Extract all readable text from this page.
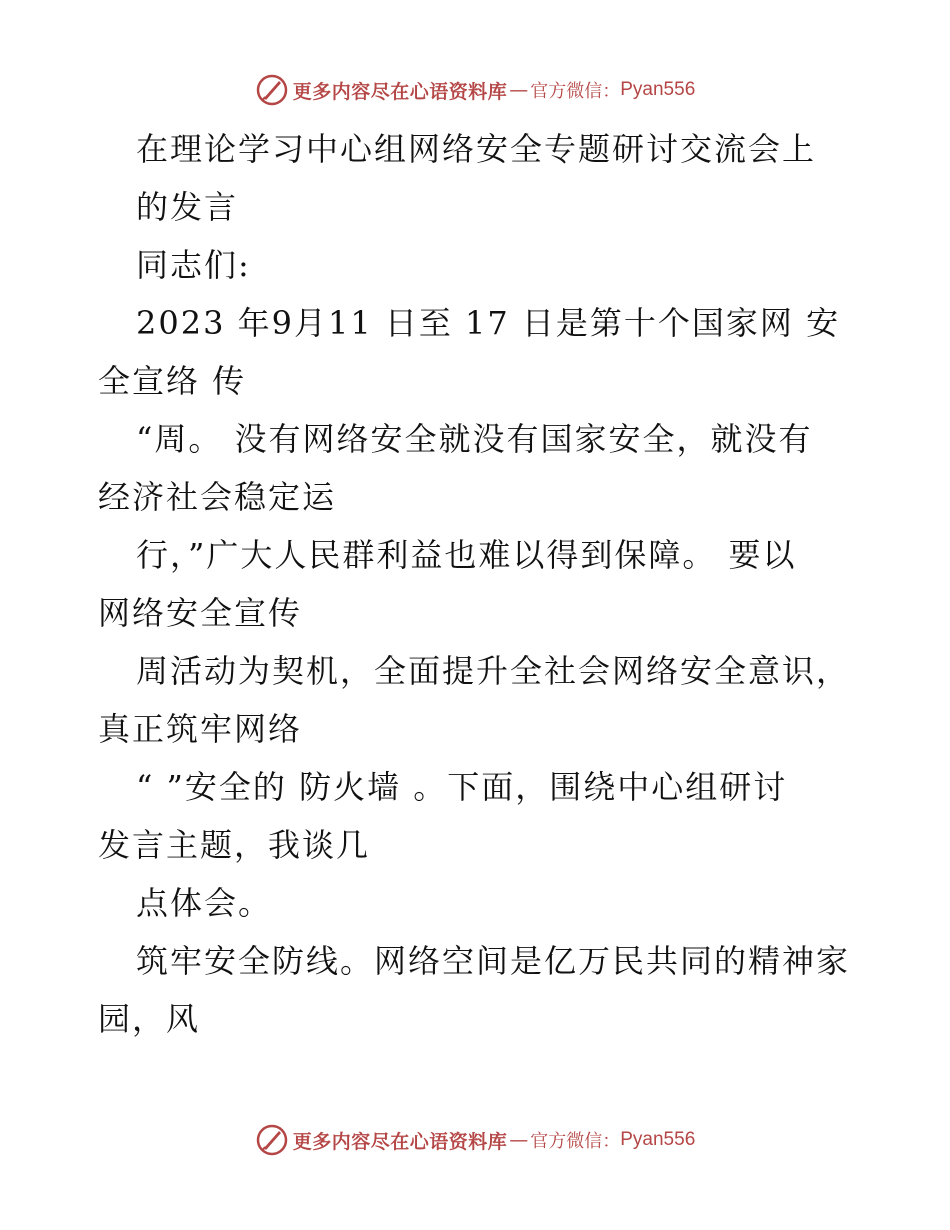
更多内容尽在心语资料库 — 官方微信： Pyan556
在理论学习中心组网络安全专题研讨交流会上
的发言
同志们:
2023 年9月11 日至 17 日是第十个国家网 安
全宣络 传
“周。 没有网络安全就没有国家安全，就没有
经济社会稳定运
行，”广大人民群利益也难以得到保障。 要以
网络安全宣传
周活动为契机，全面提升全社会网络安全意识，
真正筑牢网络
“ ”安全的 防火墙 。下面，围绕中心组研讨
发言主题，我谈几
点体会。
筑牢安全防线。网络空间是亿万民共同的精神家
园，风
更多内容尽在心语资料库 — 官方微信： Pyan556
